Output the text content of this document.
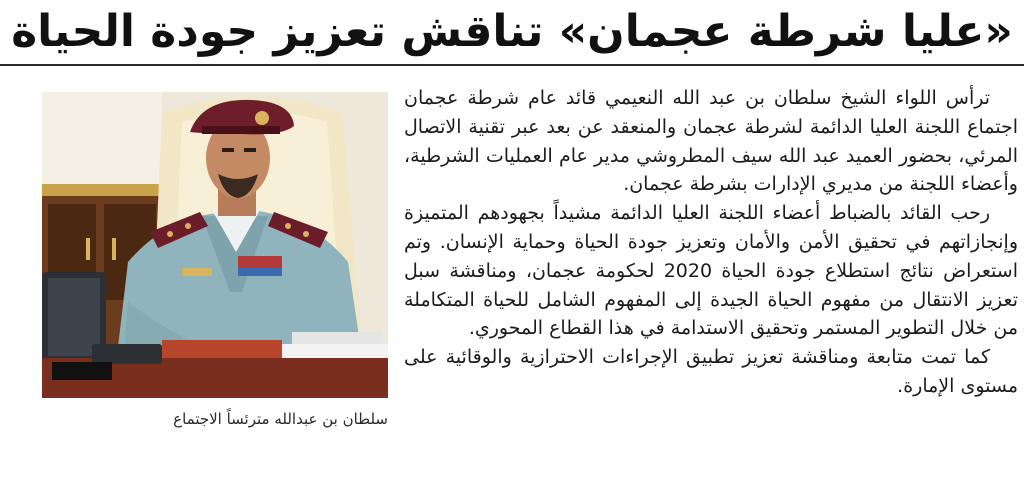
«عليا شرطة عجمان» تناقش تعزيز جودة الحياة

ترأس اللواء الشيخ سلطان بن عبد الله النعيمي قائد عام شرطة عجمان اجتماع اللجنة العليا الدائمة لشرطة عجمان والمنعقد عن بعد عبر تقنية الاتصال المرئي، بحضور العميد عبد الله سيف المطروشي مدير عام العمليات الشرطية، وأعضاء اللجنة من مديري الإدارات بشرطة عجمان.

رحب القائد بالضباط أعضاء اللجنة العليا الدائمة مشيداً بجهودهم المتميزة وإنجازاتهم في تحقيق الأمن والأمان وتعزيز جودة الحياة وحماية الإنسان. وتم استعراض نتائج استطلاع جودة الحياة 2020 لحكومة عجمان، ومناقشة سبل تعزيز الانتقال من مفهوم الحياة الجيدة إلى المفهوم الشامل للحياة المتكاملة من خلال التطوير المستمر وتحقيق الاستدامة في هذا القطاع المحوري.

كما تمت متابعة ومناقشة تعزيز تطبيق الإجراءات الاحترازية والوقائية على مستوى الإمارة.

سلطان بن عبدالله مترئساً الاجتماع
